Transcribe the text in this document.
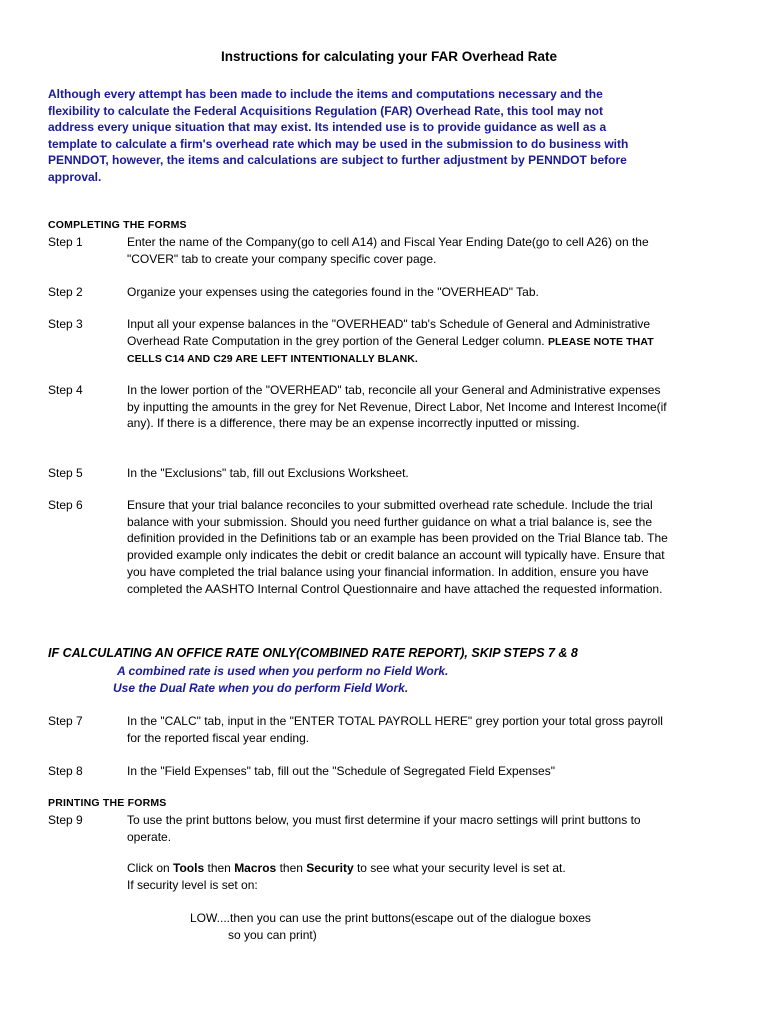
Instructions for calculating your FAR Overhead Rate

Although every attempt has been made to include the items and computations necessary and the flexibility to calculate the Federal Acquisitions Regulation (FAR) Overhead Rate, this tool may not address every unique situation that may exist. Its intended use is to provide guidance as well as a template to calculate a firm's overhead rate which may be used in the submission to do business with PENNDOT, however, the items and calculations are subject to further adjustment by PENNDOT before approval.

COMPLETING THE FORMS
Step 1	Enter the name of the Company(go to cell A14) and Fiscal Year Ending Date(go to cell A26) on the "COVER" tab to create your company specific cover page.

Step 2	Organize your expenses using the categories found in the "OVERHEAD" Tab.

Step 3	Input all your expense balances in the "OVERHEAD" tab's Schedule of General and Administrative Overhead Rate Computation in the grey portion of the General Ledger column. PLEASE NOTE THAT CELLS C14 AND C29 ARE LEFT INTENTIONALLY BLANK.

Step 4	In the lower portion of the "OVERHEAD" tab, reconcile all your General and Administrative expenses by inputting the amounts in the grey for Net Revenue, Direct Labor, Net Income and Interest Income(if any). If there is a difference, there may be an expense incorrectly inputted or missing.

Step 5	In the "Exclusions" tab, fill out Exclusions Worksheet.

Step 6	Ensure that your trial balance reconciles to your submitted overhead rate schedule. Include the trial balance with your submission. Should you need further guidance on what a trial balance is, see the definition provided in the Definitions tab or an example has been provided on the Trial Blance tab. The provided example only indicates the debit or credit balance an account will typically have. Ensure that you have completed the trial balance using your financial information. In addition, ensure you have completed the AASHTO Internal Control Questionnaire and have attached the requested information.

IF CALCULATING AN OFFICE RATE ONLY(COMBINED RATE REPORT), SKIP STEPS 7 & 8
A combined rate is used when you perform no Field Work.
Use the Dual Rate when you do perform Field Work.
Step 7	In the "CALC" tab, input in the "ENTER TOTAL PAYROLL HERE" grey portion your total gross payroll for the reported fiscal year ending.

Step 8	In the "Field Expenses" tab, fill out the "Schedule of Segregated Field Expenses"

PRINTING THE FORMS
Step 9	To use the print buttons below, you must first determine if your macro settings will print buttons to operate.

Click on Tools then Macros then Security to see what your security level is set at.

If security level is set on:

LOW....then you can use the print buttons(escape out of the dialogue boxes
so you can print)
